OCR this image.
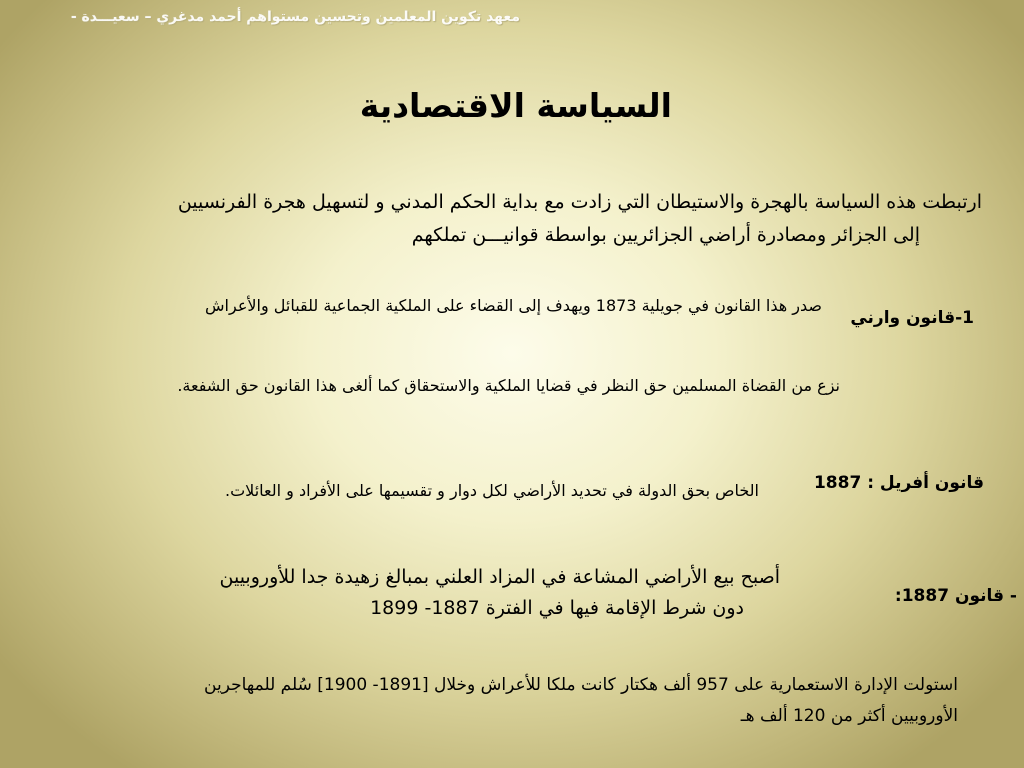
معهد تكوين المعلمين وتحسين مستواهم أحمد مدغري – سعيـــدة -
السياسة الاقتصادية
ارتبطت هذه السياسة بالهجرة والاستيطان التي زادت مع بداية الحكم المدني و لتسهيل هجرة الفرنسيين
إلى الجزائر ومصادرة أراضي الجزائريين بواسطة قوانيـــن تملكهم
1-قانون وارني
صدر هذا القانون في جويلية 1873 ويهدف إلى القضاء على الملكية الجماعية للقبائل والأعراش
نزع من القضاة المسلمين حق النظر في قضايا الملكية والاستحقاق كما ألغى هذا القانون حق الشفعة.
قانون أفريل : 1887
الخاص بحق الدولة في تحديد الأراضي لكل دوار و تقسيمها على الأفراد و العائلات.
- قانون 1887:
أصبح بيع الأراضي المشاعة في المزاد العلني بمبالغ زهيدة جدا للأوروبيين
دون شرط الإقامة فيها في الفترة 1887- 1899
استولت الإدارة الاستعمارية على 957 ألف هكتار كانت ملكا للأعراش وخلال [1891- 1900] سُلم للمهاجرين
الأوروبيين أكثر من 120 ألف هـ
